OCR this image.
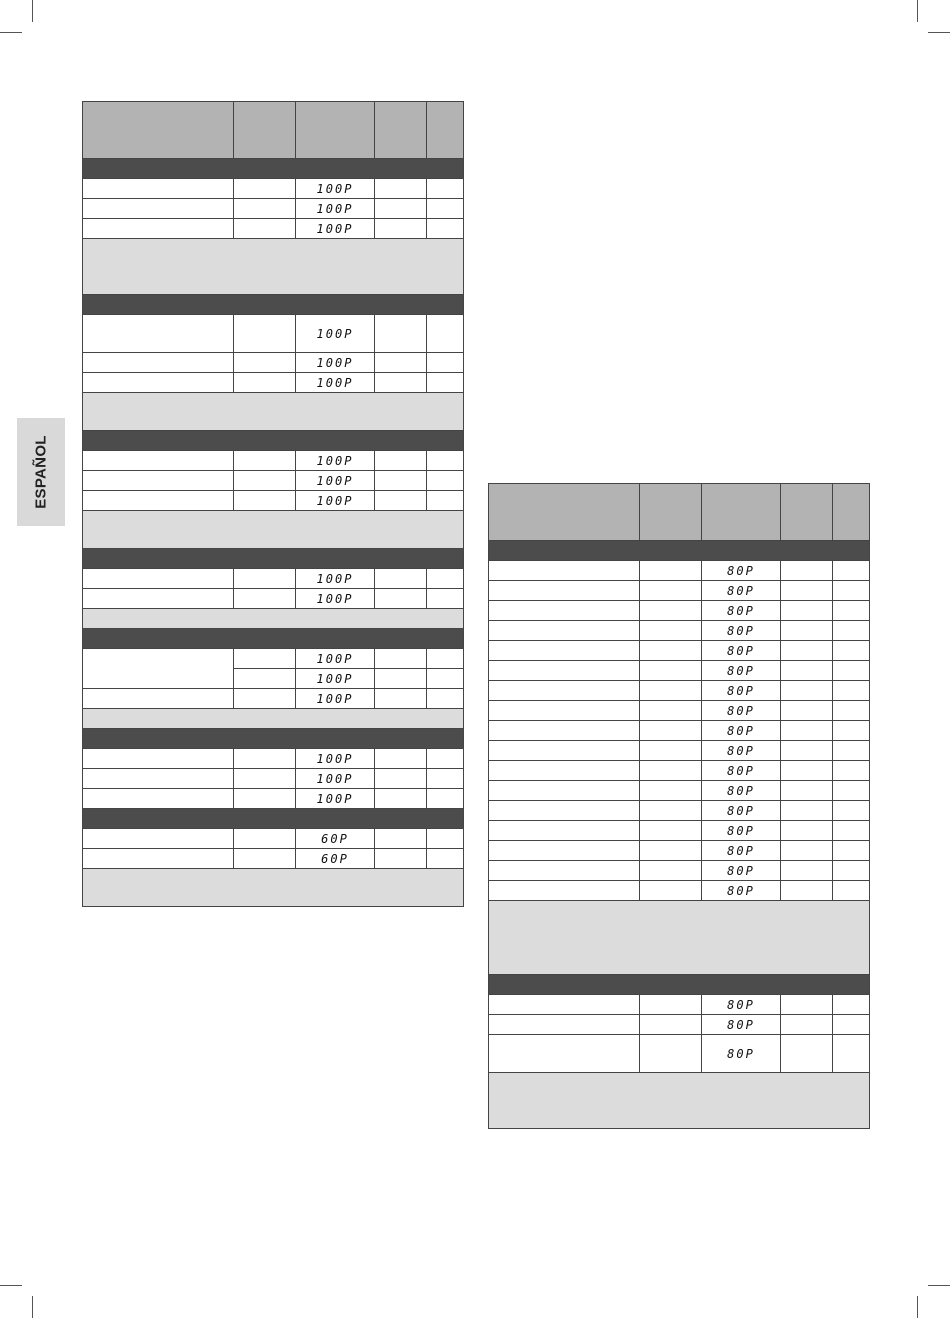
ESPAÑOL

		100P		
		100P		
		100P		

		100P		
		100P		
		100P		

		100P		
		100P		
		100P		

		100P		
		100P		

		100P		
		100P		
		100P		

		100P		
		100P		
		100P		

		60P		
		60P		

		80P		
		80P		
		80P		
		80P		
		80P		
		80P		
		80P		
		80P		
		80P		
		80P		
		80P		
		80P		
		80P		
		80P		
		80P		
		80P		
		80P		

		80P		
		80P		
		80P		
